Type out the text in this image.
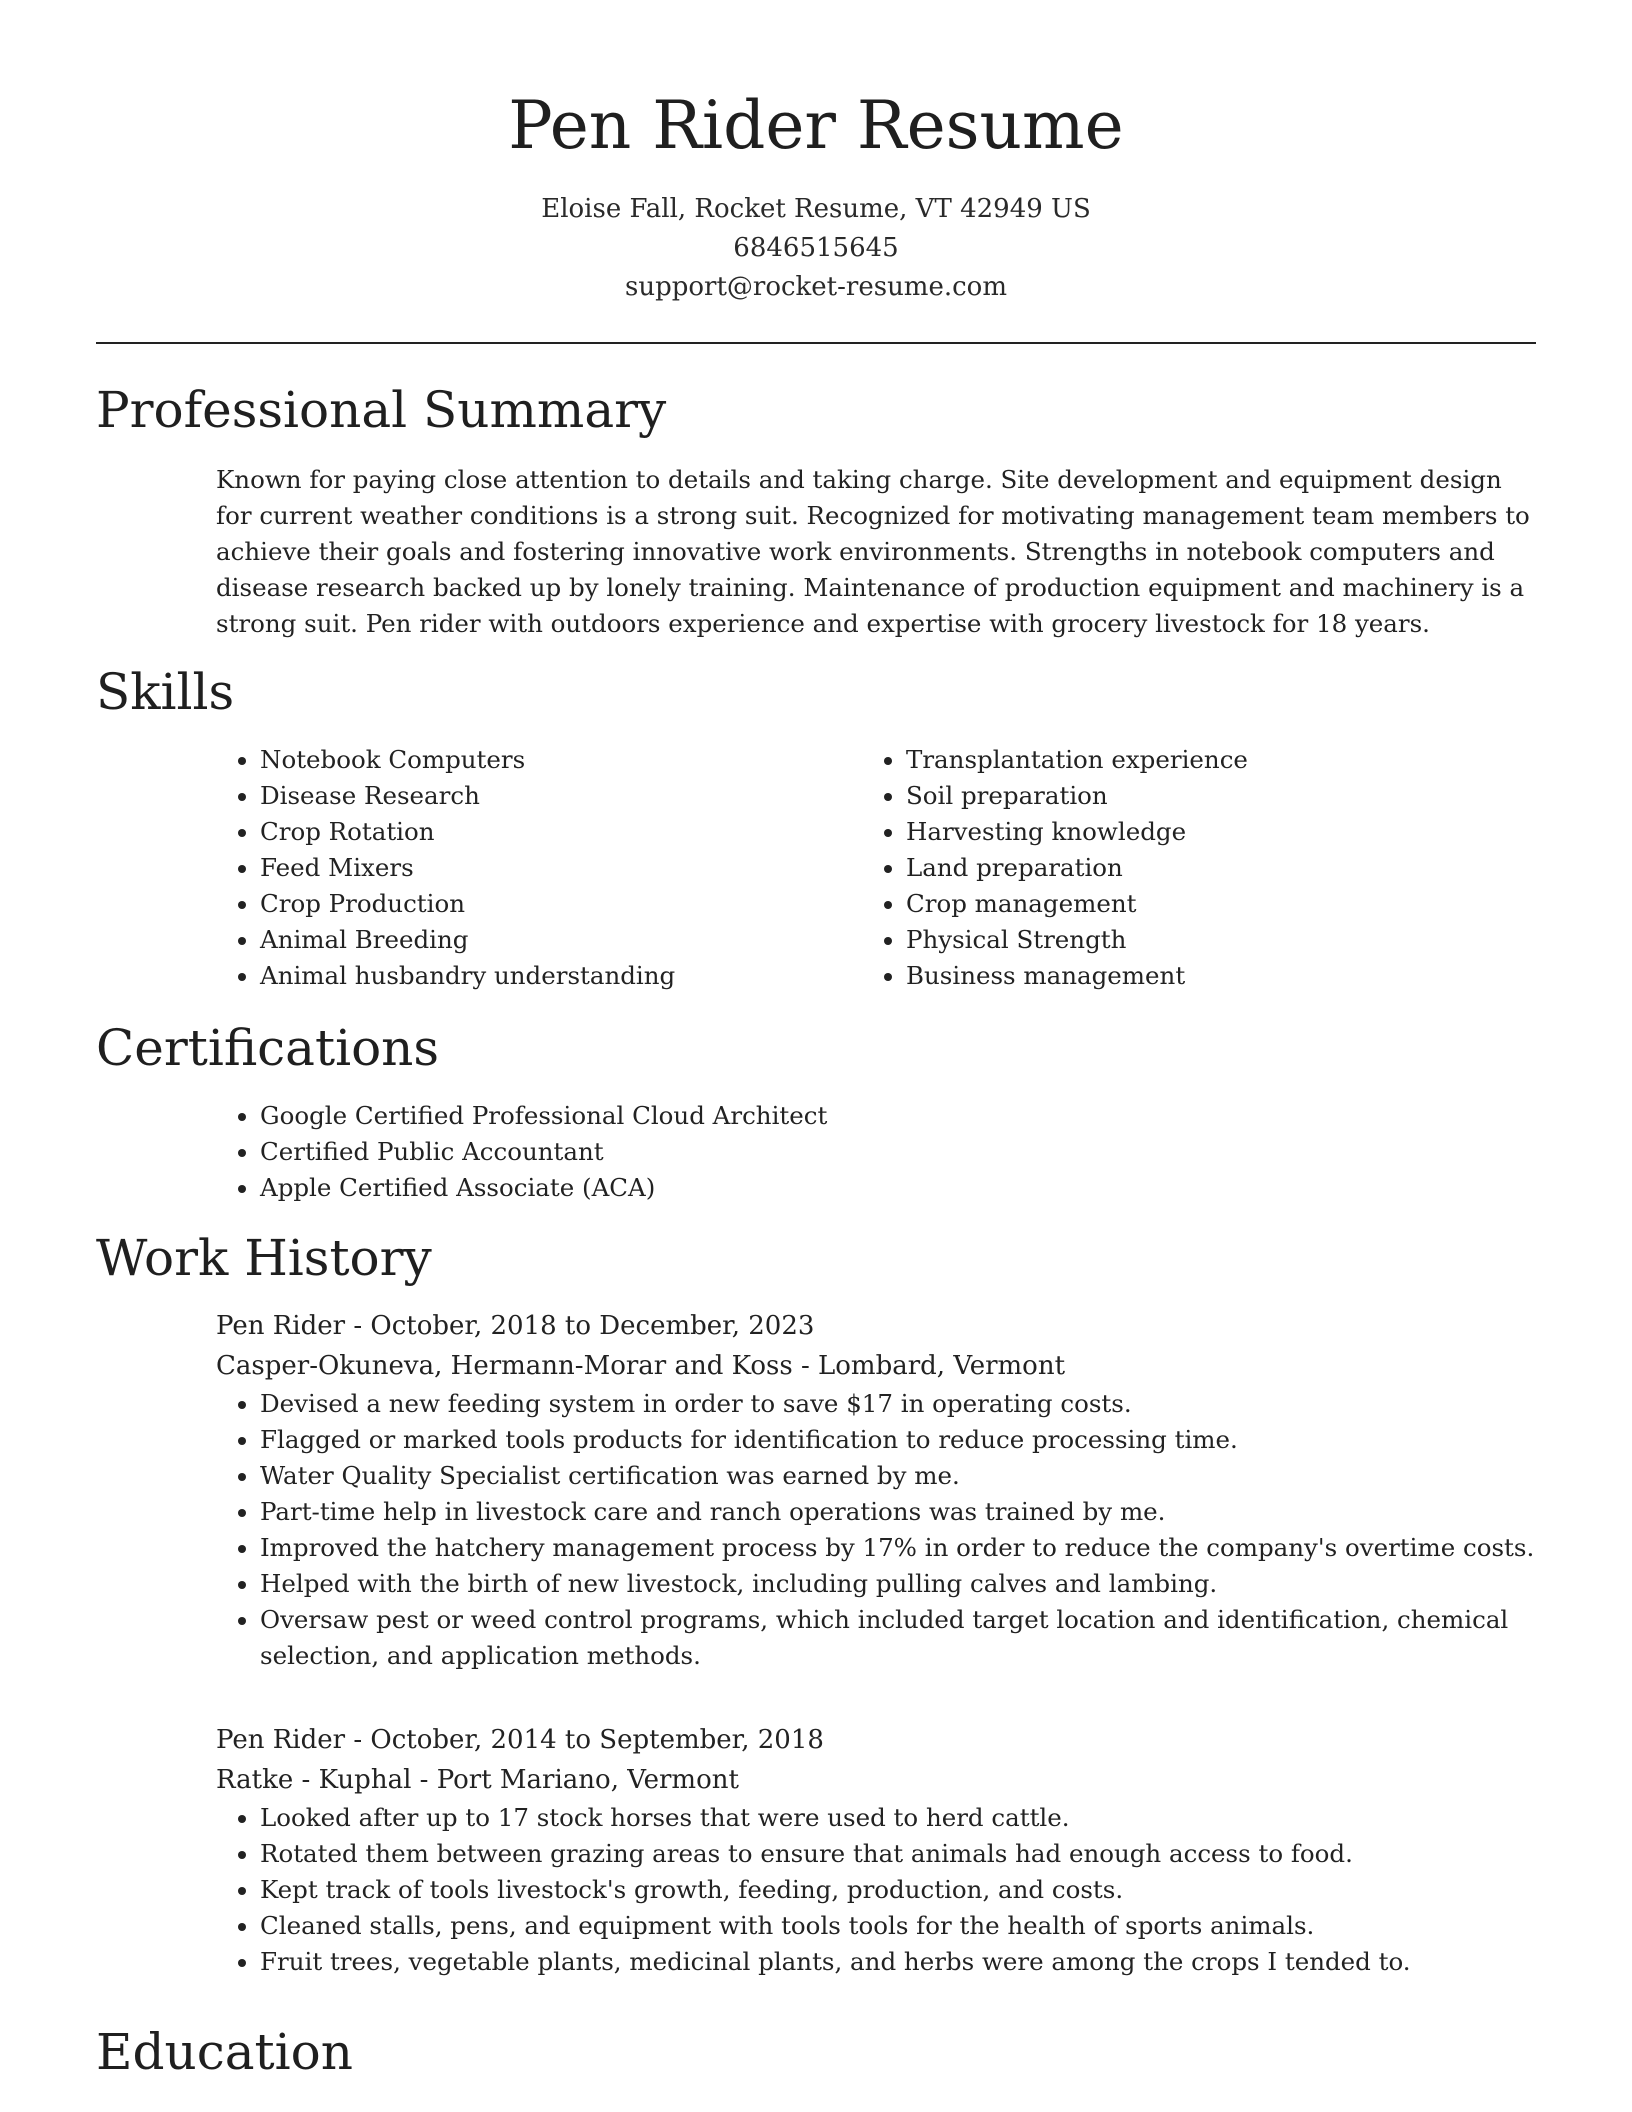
Pen Rider Resume
Eloise Fall, Rocket Resume, VT 42949 US
6846515645
support@rocket-resume.com
Professional Summary
Known for paying close attention to details and taking charge. Site development and equipment design for current weather conditions is a strong suit. Recognized for motivating management team members to achieve their goals and fostering innovative work environments. Strengths in notebook computers and disease research backed up by lonely training. Maintenance of production equipment and machinery is a strong suit. Pen rider with outdoors experience and expertise with grocery livestock for 18 years.
Skills
• Notebook Computers
• Disease Research
• Crop Rotation
• Feed Mixers
• Crop Production
• Animal Breeding
• Animal husbandry understanding
• Transplantation experience
• Soil preparation
• Harvesting knowledge
• Land preparation
• Crop management
• Physical Strength
• Business management
Certifications
• Google Certified Professional Cloud Architect
• Certified Public Accountant
• Apple Certified Associate (ACA)
Work History
Pen Rider - October, 2018 to December, 2023
Casper-Okuneva, Hermann-Morar and Koss - Lombard, Vermont
• Devised a new feeding system in order to save $17 in operating costs.
• Flagged or marked tools products for identification to reduce processing time.
• Water Quality Specialist certification was earned by me.
• Part-time help in livestock care and ranch operations was trained by me.
• Improved the hatchery management process by 17% in order to reduce the company's overtime costs.
• Helped with the birth of new livestock, including pulling calves and lambing.
• Oversaw pest or weed control programs, which included target location and identification, chemical selection, and application methods.
Pen Rider - October, 2014 to September, 2018
Ratke - Kuphal - Port Mariano, Vermont
• Looked after up to 17 stock horses that were used to herd cattle.
• Rotated them between grazing areas to ensure that animals had enough access to food.
• Kept track of tools livestock's growth, feeding, production, and costs.
• Cleaned stalls, pens, and equipment with tools tools for the health of sports animals.
• Fruit trees, vegetable plants, medicinal plants, and herbs were among the crops I tended to.
Education
